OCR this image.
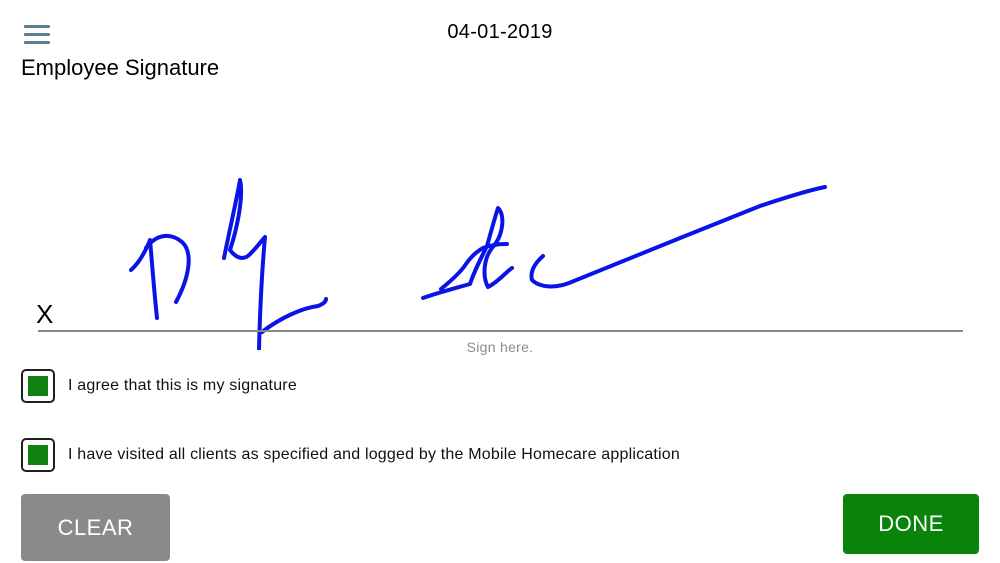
04-01-2019
Employee Signature
X
Sign here.
I agree that this is my signature
I have visited all clients as specified and logged by the Mobile Homecare application
CLEAR	DONE
